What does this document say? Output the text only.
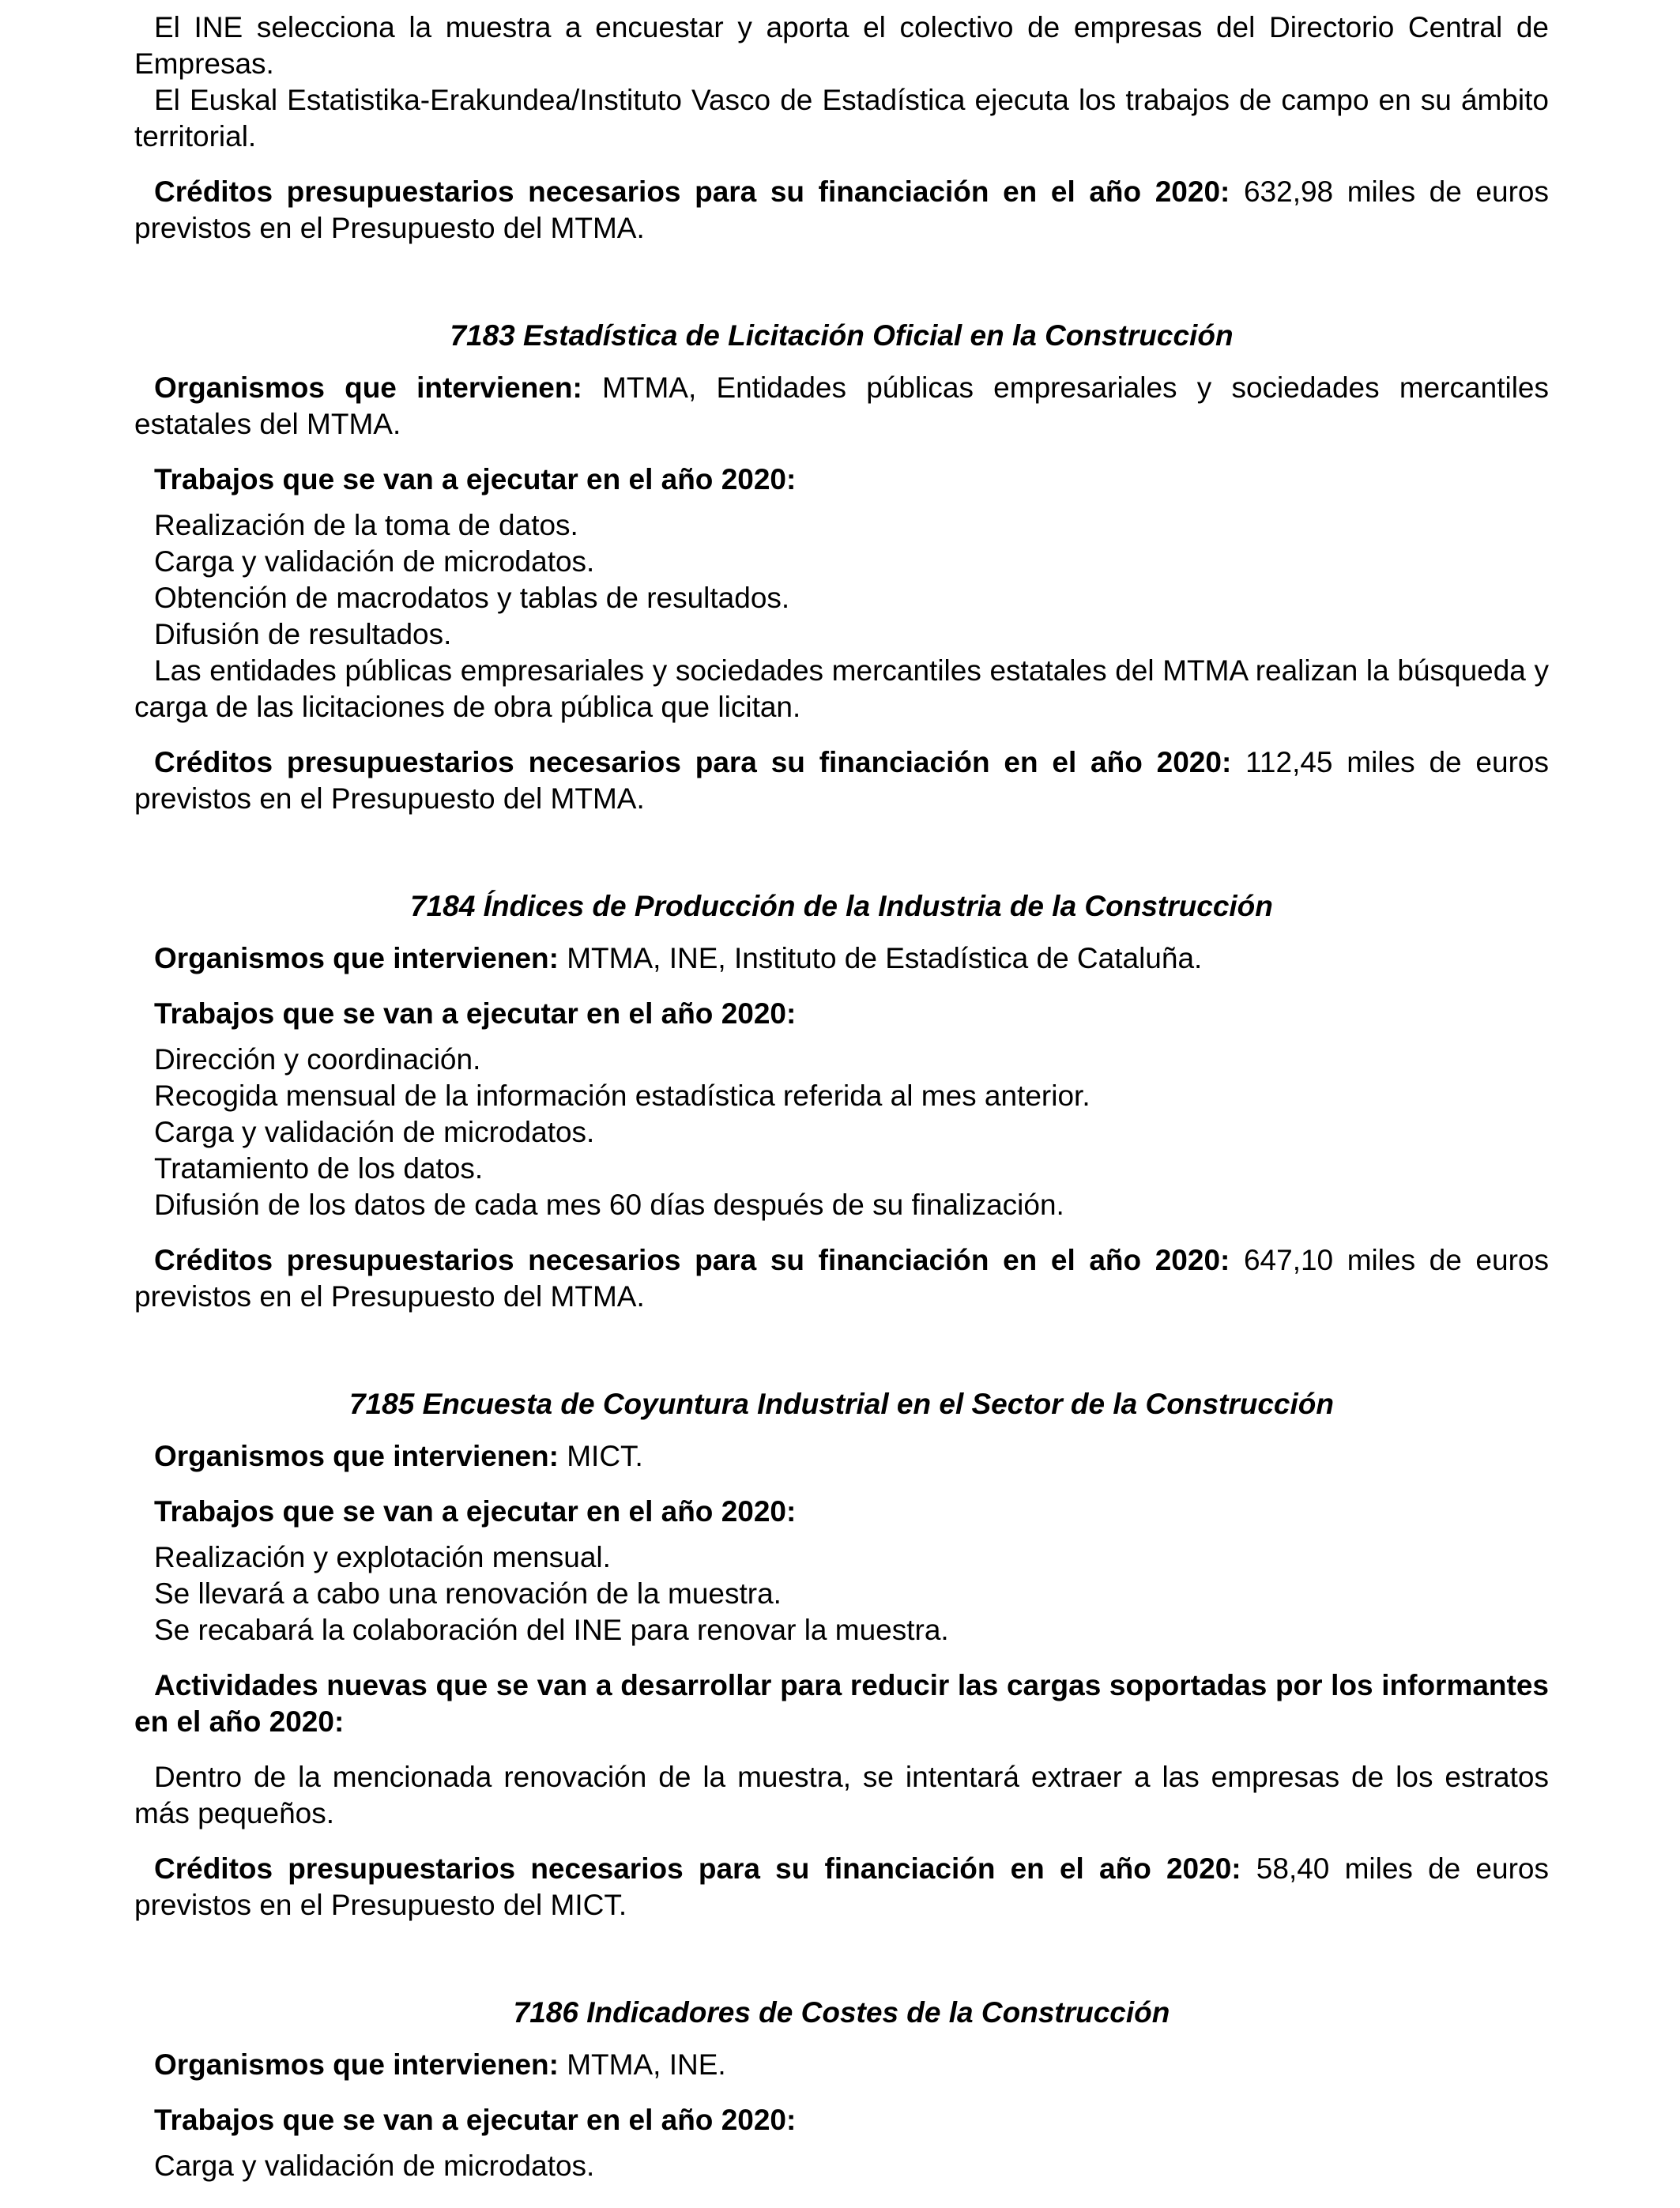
El INE selecciona la muestra a encuestar y aporta el colectivo de empresas del Directorio Central de Empresas.

El Euskal Estatistika-Erakundea/Instituto Vasco de Estadística ejecuta los trabajos de campo en su ámbito territorial.

Créditos presupuestarios necesarios para su financiación en el año 2020: 632,98 miles de euros previstos en el Presupuesto del MTMA.

7183 Estadística de Licitación Oficial en la Construcción

Organismos que intervienen: MTMA, Entidades públicas empresariales y sociedades mercantiles estatales del MTMA.

Trabajos que se van a ejecutar en el año 2020:

Realización de la toma de datos.

Carga y validación de microdatos.

Obtención de macrodatos y tablas de resultados.

Difusión de resultados.

Las entidades públicas empresariales y sociedades mercantiles estatales del MTMA realizan la búsqueda y carga de las licitaciones de obra pública que licitan.

Créditos presupuestarios necesarios para su financiación en el año 2020: 112,45 miles de euros previstos en el Presupuesto del MTMA.

7184 Índices de Producción de la Industria de la Construcción

Organismos que intervienen: MTMA, INE, Instituto de Estadística de Cataluña.

Trabajos que se van a ejecutar en el año 2020:

Dirección y coordinación.

Recogida mensual de la información estadística referida al mes anterior.

Carga y validación de microdatos.

Tratamiento de los datos.

Difusión de los datos de cada mes 60 días después de su finalización.

Créditos presupuestarios necesarios para su financiación en el año 2020: 647,10 miles de euros previstos en el Presupuesto del MTMA.

7185 Encuesta de Coyuntura Industrial en el Sector de la Construcción

Organismos que intervienen: MICT.

Trabajos que se van a ejecutar en el año 2020:

Realización y explotación mensual.

Se llevará a cabo una renovación de la muestra.

Se recabará la colaboración del INE para renovar la muestra.

Actividades nuevas que se van a desarrollar para reducir las cargas soportadas por los informantes en el año 2020:

Dentro de la mencionada renovación de la muestra, se intentará extraer a las empresas de los estratos más pequeños.

Créditos presupuestarios necesarios para su financiación en el año 2020: 58,40 miles de euros previstos en el Presupuesto del MICT.

7186 Indicadores de Costes de la Construcción

Organismos que intervienen: MTMA, INE.

Trabajos que se van a ejecutar en el año 2020:

Carga y validación de microdatos.
